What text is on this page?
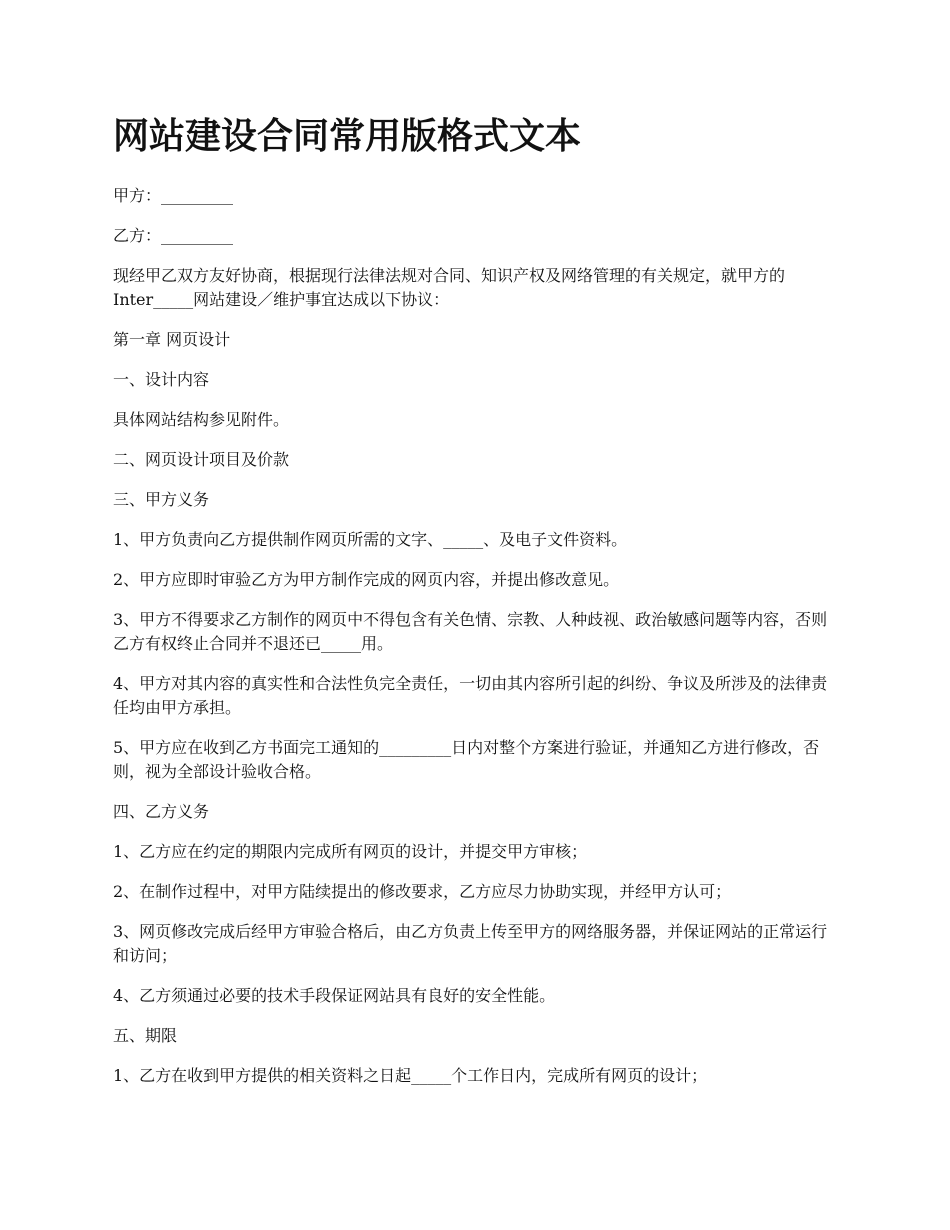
网站建设合同常用版格式文本

甲方：_________

乙方：_________

现经甲乙双方友好协商，根据现行法律法规对合同、知识产权及网络管理的有关规定，就甲方的Inter_____网站建设／维护事宜达成以下协议：

第一章 网页设计

一、设计内容

具体网站结构参见附件。

二、网页设计项目及价款

三、甲方义务

1、甲方负责向乙方提供制作网页所需的文字、_____、及电子文件资料。

2、甲方应即时审验乙方为甲方制作完成的网页内容，并提出修改意见。

3、甲方不得要求乙方制作的网页中不得包含有关色情、宗教、人种歧视、政治敏感问题等内容，否则乙方有权终止合同并不退还已_____用。

4、甲方对其内容的真实性和合法性负完全责任，一切由其内容所引起的纠纷、争议及所涉及的法律责任均由甲方承担。

5、甲方应在收到乙方书面完工通知的_________日内对整个方案进行验证，并通知乙方进行修改，否则，视为全部设计验收合格。

四、乙方义务

1、乙方应在约定的期限内完成所有网页的设计，并提交甲方审核；

2、在制作过程中，对甲方陆续提出的修改要求，乙方应尽力协助实现，并经甲方认可；

3、网页修改完成后经甲方审验合格后，由乙方负责上传至甲方的网络服务器，并保证网站的正常运行和访问；

4、乙方须通过必要的技术手段保证网站具有良好的安全性能。

五、期限

1、乙方在收到甲方提供的相关资料之日起_____个工作日内，完成所有网页的设计；
